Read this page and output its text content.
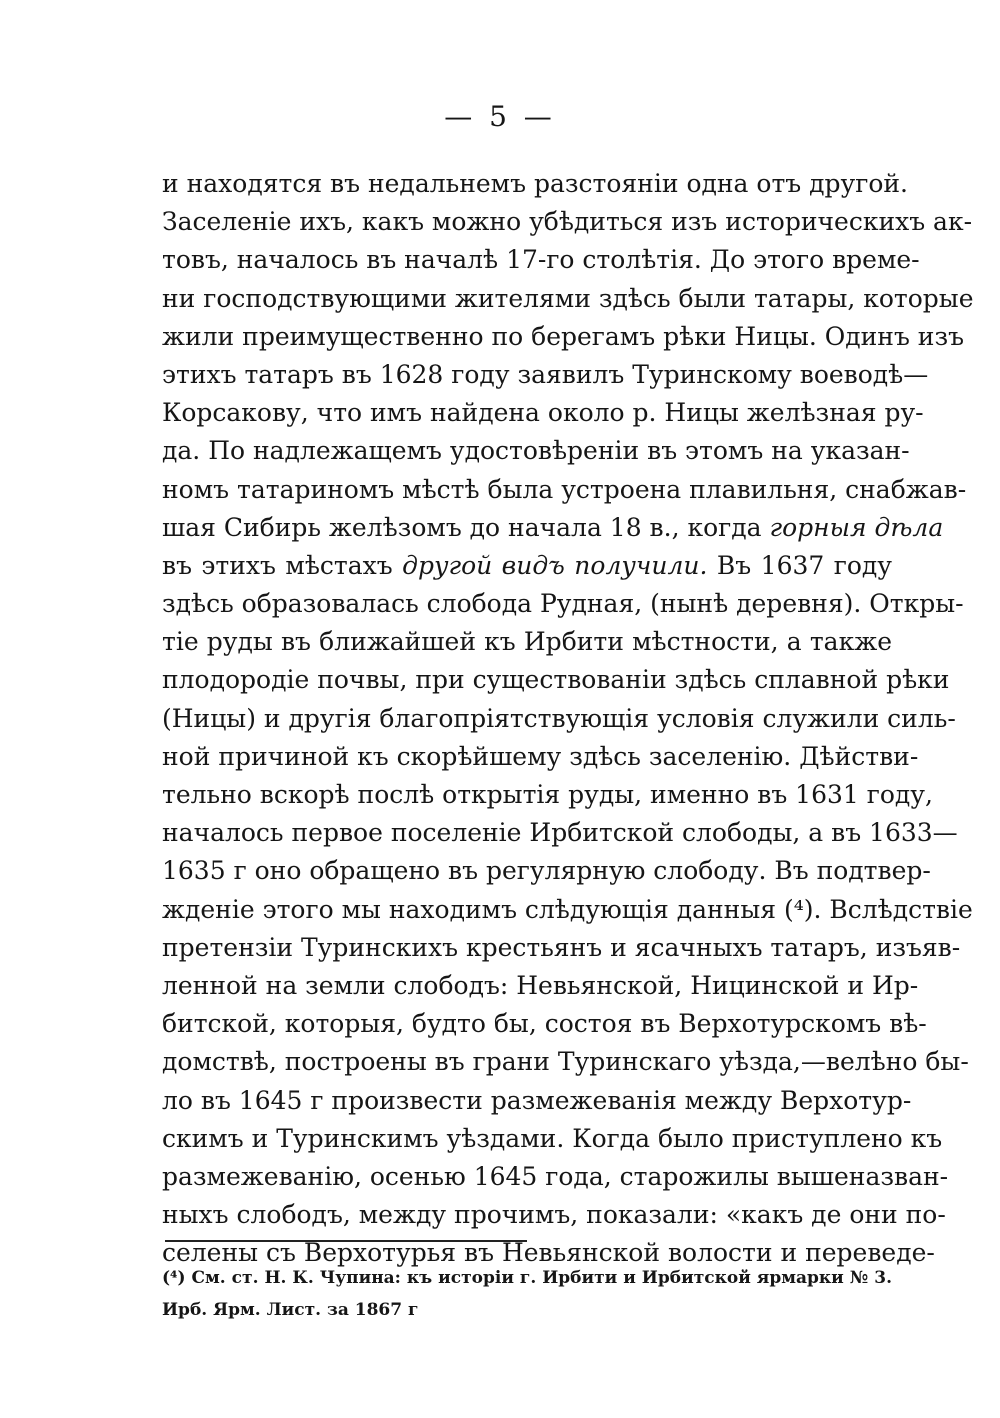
— 5 —
и находятся въ недальнемъ разстояніи одна отъ другой.
Заселеніе ихъ, какъ можно убѣдиться изъ историческихъ ак-
товъ, началось въ началѣ 17-го столѣтія. До этого време-
ни господствующими жителями здѣсь были татары, которые
жили преимущественно по берегамъ рѣки Ницы. Одинъ изъ
этихъ татаръ въ 1628 году заявилъ Туринскому воеводѣ—
Корсакову, что имъ найдена около р. Ницы желѣзная ру-
да. По надлежащемъ удостовѣреніи въ этомъ на указан-
номъ татариномъ мѣстѣ была устроена плавильня, снабжав-
шая Сибирь желѣзомъ до начала 18 в., когда горныя дѣла
въ этихъ мѣстахъ другой видъ получили. Въ 1637 году
здѣсь образовалась слобода Рудная, (нынѣ деревня). Откры-
тіе руды въ ближайшей къ Ирбити мѣстности, а также
плодородіе почвы, при существованіи здѣсь сплавной рѣки
(Ницы) и другія благопріятствующія условія служили силь-
ной причиной къ скорѣйшему здѣсь заселенію. Дѣйстви-
тельно вскорѣ послѣ открытія руды, именно въ 1631 году,
началось первое поселеніе Ирбитской слободы, а въ 1633—
1635 г оно обращено въ регулярную слободу. Въ подтвер-
жденіе этого мы находимъ слѣдующія данныя (⁴). Вслѣдствіе
претензіи Туринскихъ крестьянъ и ясачныхъ татаръ, изъяв-
ленной на земли слободъ: Невьянской, Ницинской и Ир-
битской, которыя, будто бы, состоя въ Верхотурскомъ вѣ-
домствѣ, построены въ грани Туринскаго уѣзда,—велѣно бы-
ло въ 1645 г произвести размежеванія между Верхотур-
скимъ и Туринскимъ уѣздами. Когда было приступлено къ
размежеванію, осенью 1645 года, старожилы вышеназван-
ныхъ слободъ, между прочимъ, показали: «какъ де они по-
селены съ Верхотурья въ Невьянской волости и переведе-
(⁴) См. ст. Н. К. Чупина: къ исторіи г. Ирбити и Ирбитской ярмарки № 3.
Ирб. Ярм. Лист. за 1867 г
